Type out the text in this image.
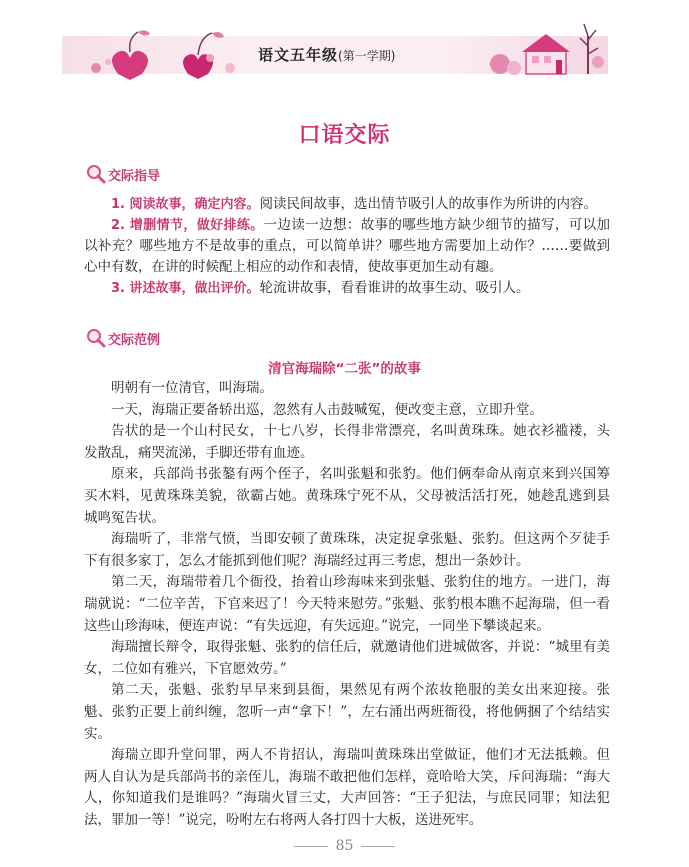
语文五年级(第一学期)
口语交际
交际指导

1. 阅读故事，确定内容。阅读民间故事，选出情节吸引人的故事作为所讲的内容。

2. 增删情节，做好排练。一边读一边想：故事的哪些地方缺少细节的描写，可以加以补充？哪些地方不是故事的重点，可以简单讲？哪些地方需要加上动作？……要做到心中有数，在讲的时候配上相应的动作和表情，使故事更加生动有趣。

3. 讲述故事，做出评价。轮流讲故事，看看谁讲的故事生动、吸引人。

交际范例
清官海瑞除“二张”的故事

明朝有一位清官，叫海瑞。

一天，海瑞正要备轿出巡，忽然有人击鼓喊冤，便改变主意，立即升堂。

告状的是一个山村民女，十七八岁，长得非常漂亮，名叫黄珠珠。她衣衫褴褛，头发散乱，痛哭流涕，手脚还带有血迹。

原来，兵部尚书张鏊有两个侄子，名叫张魁和张豹。他们俩奉命从南京来到兴国筹买木料，见黄珠珠美貌，欲霸占她。黄珠珠宁死不从，父母被活活打死，她趁乱逃到县城鸣冤告状。

海瑞听了，非常气愤，当即安顿了黄珠珠，决定捉拿张魁、张豹。但这两个歹徒手下有很多家丁，怎么才能抓到他们呢？海瑞经过再三考虑，想出一条妙计。

第二天，海瑞带着几个衙役，抬着山珍海味来到张魁、张豹住的地方。一进门，海瑞就说：“二位辛苦，下官来迟了！今天特来慰劳。”张魁、张豹根本瞧不起海瑞，但一看这些山珍海味，便连声说：“有失远迎，有失远迎。”说完，一同坐下攀谈起来。

海瑞擅长辩令，取得张魁、张豹的信任后，就邀请他们进城做客，并说：“城里有美女，二位如有雅兴，下官愿效劳。”

第二天，张魁、张豹早早来到县衙，果然见有两个浓妆艳服的美女出来迎接。张魁、张豹正要上前纠缠，忽听一声“拿下！”，左右涌出两班衙役，将他俩捆了个结结实实。

海瑞立即升堂问罪，两人不肯招认，海瑞叫黄珠珠出堂做证，他们才无法抵赖。但两人自认为是兵部尚书的亲侄儿，海瑞不敢把他们怎样，竟哈哈大笑，斥问海瑞：“海大人，你知道我们是谁吗？”海瑞火冒三丈，大声回答：“王子犯法，与庶民同罪；知法犯法，罪加一等！”说完，吩咐左右将两人各打四十大板，送进死牢。

85
